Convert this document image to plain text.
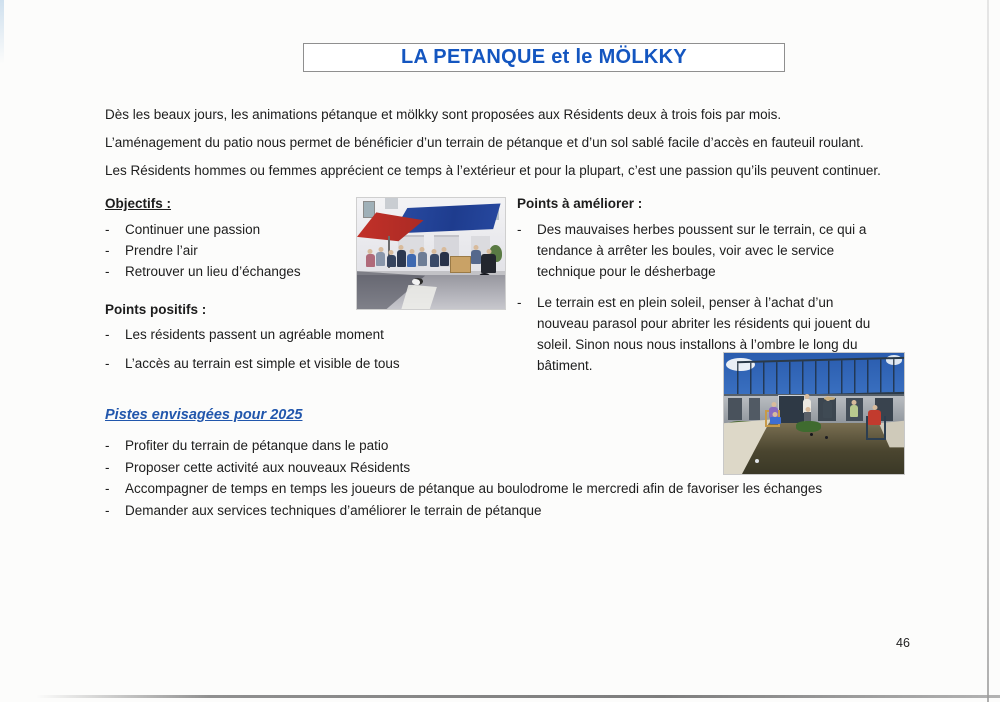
LA PETANQUE et le MÖLKKY

Dès les beaux jours, les animations pétanque et mölkky sont proposées aux Résidents deux à trois fois par mois.

L’aménagement du patio nous permet de bénéficier d’un terrain de pétanque et d’un sol sablé facile d’accès en fauteuil roulant.

Les Résidents hommes ou femmes apprécient ce temps à l’extérieur et pour la plupart, c’est une passion qu’ils peuvent continuer.

Objectifs :
-
Continuer une passion
-
Prendre l’air
-
Retrouver un lieu d’échanges
Points à améliorer :
-
Des mauvaises herbes poussent sur le terrain, ce qui a tendance à arrêter les boules, voir avec le service technique pour le désherbage
-
Le terrain est en plein soleil, penser à l’achat d’un nouveau parasol pour abriter les résidents qui jouent du soleil. Sinon nous nous installons à l’ombre le long du bâtiment.
Points positifs :
-
Les résidents passent un agréable moment
-
L’accès au terrain est simple et visible de tous
Pistes envisagées pour 2025
-
Profiter du terrain de pétanque dans le patio
-
Proposer cette activité aux nouveaux Résidents
-
Accompagner de temps en temps les joueurs de pétanque au boulodrome le mercredi afin de favoriser les échanges
-
Demander aux services techniques d’améliorer le terrain de pétanque
46
